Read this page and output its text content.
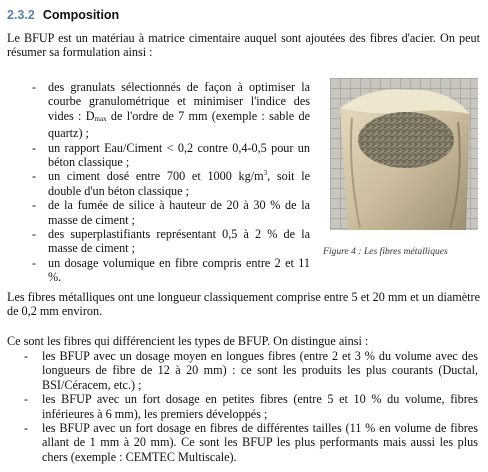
2.3.2 Composition
Le BFUP est un matériau à matrice cimentaire auquel sont ajoutées des fibres d'acier. On peut résumer sa formulation ainsi :
- des granulats sélectionnés de façon à optimiser la courbe granulométrique et minimiser l'indice des vides : $D_{max}$ de l'ordre de 7 mm (exemple : sable de quartz) ;
- un rapport Eau/Ciment < 0,2 contre 0,4-0,5 pour un béton classique ;
- un ciment dosé entre 700 et 1000 $kg/m^3$, soit le double d'un béton classique ;
- de la fumée de silice à hauteur de 20 à 30 % de la masse de ciment ;
- des superplastifiants représentant 0,5 à 2 % de la masse de ciment ;
- un dosage volumique en fibre compris entre 2 et 11 %.
Figure 4 : Les fibres métalliques
Les fibres métalliques ont une longueur classiquement comprise entre 5 et 20 mm et un diamètre de 0,2 mm environ.
Ce sont les fibres qui différencient les types de BFUP. On distingue ainsi :
- les BFUP avec un dosage moyen en longues fibres (entre 2 et 3 % du volume avec des longueurs de fibre de 12 à 20 mm) : ce sont les produits les plus courants (Ductal, BSI/Céracem, etc.) ;
- les BFUP avec un fort dosage en petites fibres (entre 5 et 10 % du volume, fibres inférieures à 6 mm), les premiers développés ;
- les BFUP avec un fort dosage en fibres de différentes tailles (11 % en volume de fibres allant de 1 mm à 20 mm). Ce sont les BFUP les plus performants mais aussi les plus chers (exemple : CEMTEC Multiscale).
